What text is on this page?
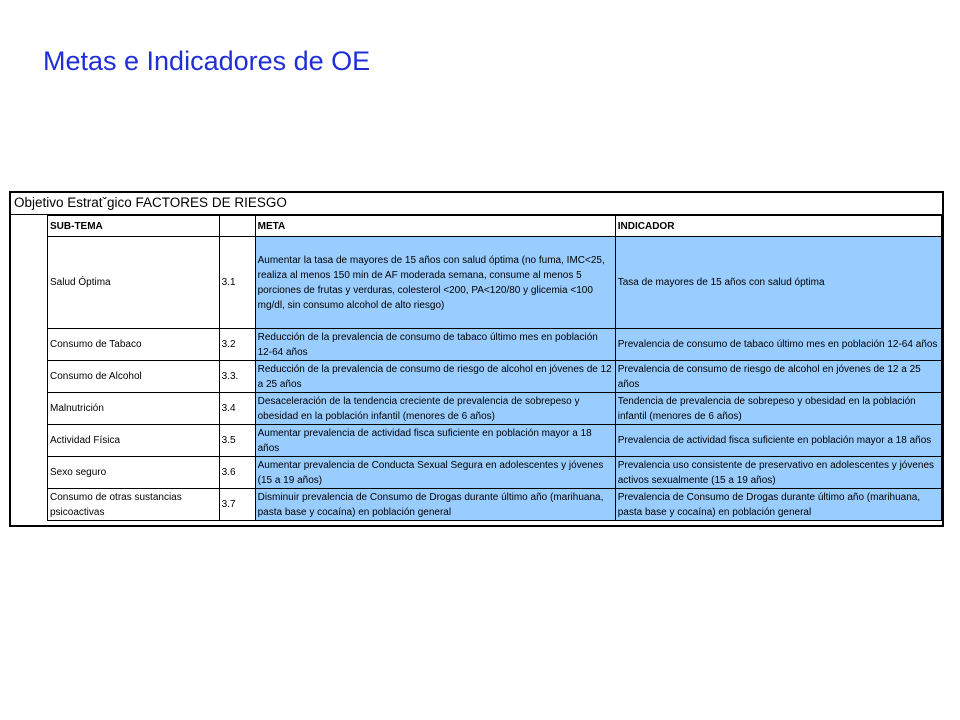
Metas e Indicadores de OE
Objetivo Estratˇgico FACTORES DE RIESGO
SUB-TEMA		META	INDICADOR
Salud Óptima	3.1	Aumentar la tasa de mayores de 15 años con salud óptima (no fuma, IMC<25, realiza al menos 150 min de AF moderada semana, consume al menos 5 porciones de frutas y verduras, colesterol <200, PA<120/80 y glicemia <100 mg/dl, sin consumo alcohol de alto riesgo)	Tasa de mayores de 15 años con salud óptima
Consumo de Tabaco	3.2	Reducción de la prevalencia de consumo de tabaco último mes en población 12-64 años	Prevalencia de consumo de tabaco último mes en población 12-64 años
Consumo de Alcohol	3.3.	Reducción de la prevalencia de consumo de riesgo de alcohol en jóvenes de 12 a 25 años	Prevalencia de consumo de riesgo de alcohol en jóvenes de 12 a 25 años
Malnutrición	3.4	Desaceleración de la tendencia creciente de prevalencia de sobrepeso y obesidad en la población infantil (menores de 6 años)	Tendencia de prevalencia de sobrepeso y obesidad en la población infantil (menores de 6 años)
Actividad Física	3.5	Aumentar prevalencia de actividad fisca suficiente en población mayor a 18 años	Prevalencia de actividad fisca suficiente en población mayor a 18 años
Sexo seguro	3.6	Aumentar prevalencia de Conducta Sexual Segura en adolescentes y jóvenes (15 a 19 años)	Prevalencia uso consistente de preservativo en adolescentes y jóvenes activos sexualmente (15 a 19 años)
Consumo de otras sustancias psicoactivas	3.7	Disminuir prevalencia de Consumo de Drogas durante último año (marihuana, pasta base y cocaína) en población general	Prevalencia de Consumo de Drogas durante último año (marihuana, pasta base y cocaína) en población general
